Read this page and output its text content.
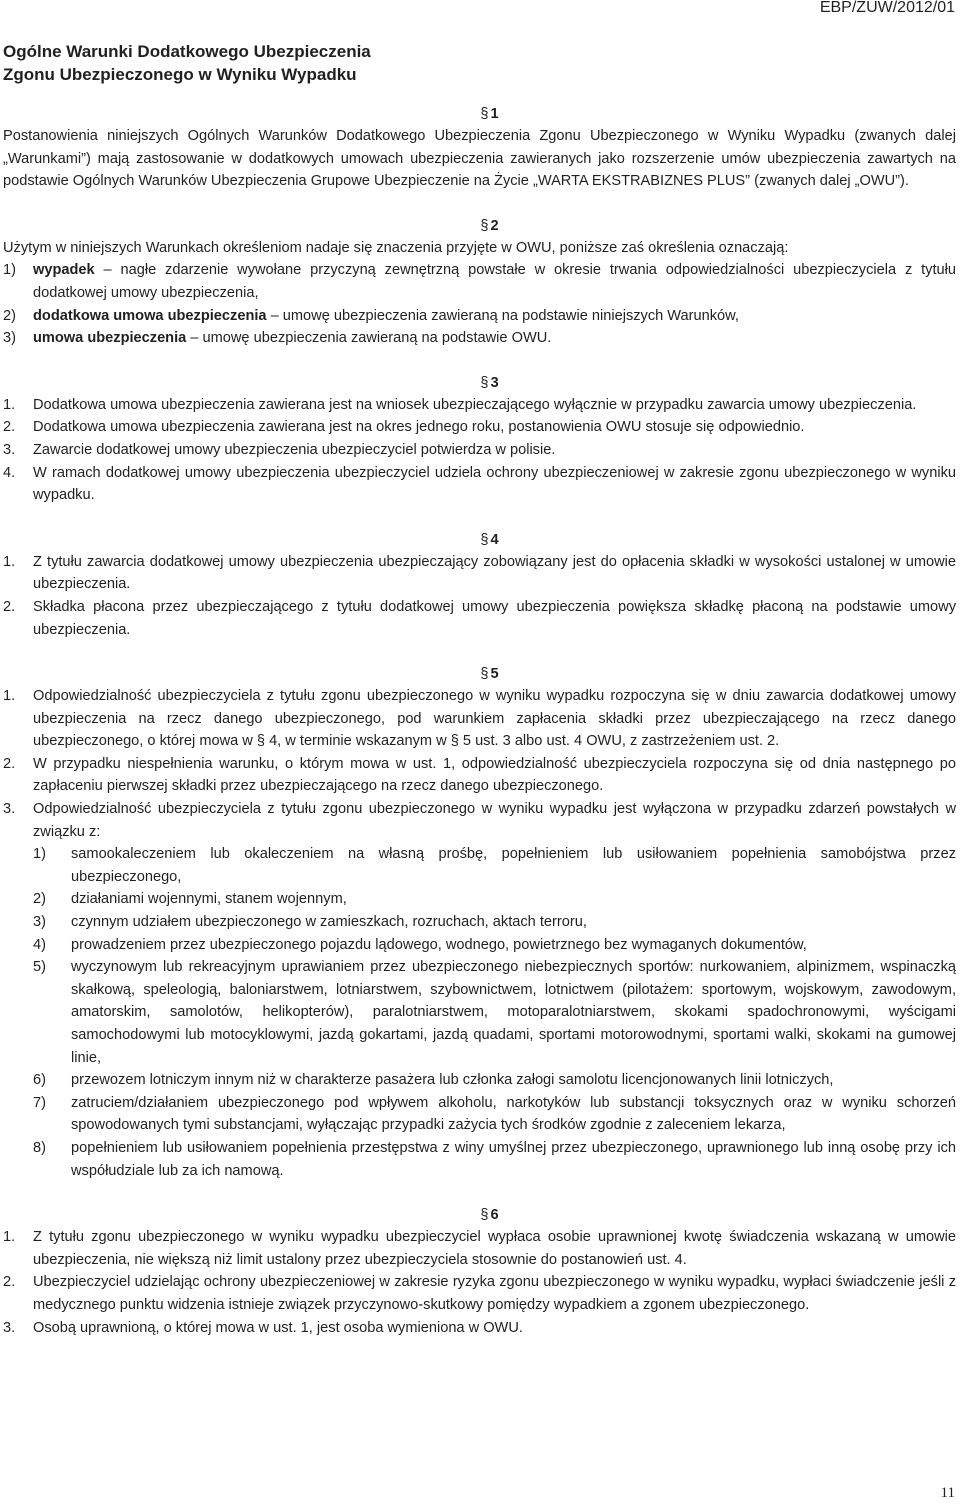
EBP/ZUW/2012/01
Ogólne Warunki Dodatkowego Ubezpieczenia
Zgonu Ubezpieczonego w Wyniku Wypadku
§ 1

Postanowienia niniejszych Ogólnych Warunków Dodatkowego Ubezpieczenia Zgonu Ubezpieczonego w Wyniku Wypadku (zwanych dalej „Warunkami”) mają zastosowanie w dodatkowych umowach ubezpieczenia zawieranych jako rozszerzenie umów ubezpieczenia zawartych na podstawie Ogólnych Warunków Ubezpieczenia Grupowe Ubezpieczenie na Życie „WARTA EKSTRABIZNES PLUS” (zwanych dalej „OWU”).

§ 2

Użytym w niniejszych Warunkach określeniom nadaje się znaczenia przyjęte w OWU, poniższe zaś określenia oznaczają:

1)	wypadek – nagłe zdarzenie wywołane przyczyną zewnętrzną powstałe w okresie trwania odpowiedzialności ubezpieczyciela z tytułu dodatkowej umowy ubezpieczenia,
2)	dodatkowa umowa ubezpieczenia – umowę ubezpieczenia zawieraną na podstawie niniejszych Warunków,
3)	umowa ubezpieczenia – umowę ubezpieczenia zawieraną na podstawie OWU.
§ 3
1.	Dodatkowa umowa ubezpieczenia zawierana jest na wniosek ubezpieczającego wyłącznie w przypadku zawarcia umowy ubezpieczenia.
2.	Dodatkowa umowa ubezpieczenia zawierana jest na okres jednego roku, postanowienia OWU stosuje się odpowiednio.
3.	Zawarcie dodatkowej umowy ubezpieczenia ubezpieczyciel potwierdza w polisie.
4.	W ramach dodatkowej umowy ubezpieczenia ubezpieczyciel udziela ochrony ubezpieczeniowej w zakresie zgonu ubezpieczonego w wyniku wypadku.
§ 4
1.	Z tytułu zawarcia dodatkowej umowy ubezpieczenia ubezpieczający zobowiązany jest do opłacenia składki w wysokości ustalonej w umowie ubezpieczenia.
2.	Składka płacona przez ubezpieczającego z tytułu dodatkowej umowy ubezpieczenia powiększa składkę płaconą na podstawie umowy ubezpieczenia.
§ 5
1.	Odpowiedzialność ubezpieczyciela z tytułu zgonu ubezpieczonego w wyniku wypadku rozpoczyna się w dniu zawarcia dodatkowej umowy ubezpieczenia na rzecz danego ubezpieczonego, pod warunkiem zapłacenia składki przez ubezpieczającego na rzecz danego ubezpieczonego, o której mowa w § 4, w terminie wskazanym w § 5 ust. 3 albo ust. 4 OWU, z zastrzeżeniem ust. 2.
2.	W przypadku niespełnienia warunku, o którym mowa w ust. 1, odpowiedzialność ubezpieczyciela rozpoczyna się od dnia następnego po zapłaceniu pierwszej składki przez ubezpieczającego na rzecz danego ubezpieczonego.
3.	Odpowiedzialność ubezpieczyciela z tytułu zgonu ubezpieczonego w wyniku wypadku jest wyłączona w przypadku zdarzeń powstałych w związku z:
1)	samookaleczeniem lub okaleczeniem na własną prośbę, popełnieniem lub usiłowaniem popełnienia samobójstwa przez ubezpieczonego,
2)	działaniami wojennymi, stanem wojennym,
3)	czynnym udziałem ubezpieczonego w zamieszkach, rozruchach, aktach terroru,
4)	prowadzeniem przez ubezpieczonego pojazdu lądowego, wodnego, powietrznego bez wymaganych dokumentów,
5)	wyczynowym lub rekreacyjnym uprawianiem przez ubezpieczonego niebezpiecznych sportów: nurkowaniem, alpinizmem, wspinaczką skałkową, speleologią, baloniarstwem, lotniarstwem, szybownictwem, lotnictwem (pilotażem: sportowym, wojskowym, zawodowym, amatorskim, samolotów, helikopterów), paralotniarstwem, motoparalotniarstwem, skokami spadochronowymi, wyścigami samochodowymi lub motocyklowymi, jazdą gokartami, jazdą quadami, sportami motorowodnymi, sportami walki, skokami na gumowej linie,
6)	przewozem lotniczym innym niż w charakterze pasażera lub członka załogi samolotu licencjonowanych linii lotniczych,
7)	zatruciem/działaniem ubezpieczonego pod wpływem alkoholu, narkotyków lub substancji toksycznych oraz w wyniku schorzeń spowodowanych tymi substancjami, wyłączając przypadki zażycia tych środków zgodnie z zaleceniem lekarza,
8)	popełnieniem lub usiłowaniem popełnienia przestępstwa z winy umyślnej przez ubezpieczonego, uprawnionego lub inną osobę przy ich współudziale lub za ich namową.
§ 6
1.	Z tytułu zgonu ubezpieczonego w wyniku wypadku ubezpieczyciel wypłaca osobie uprawnionej kwotę świadczenia wskazaną w umowie ubezpieczenia, nie większą niż limit ustalony przez ubezpieczyciela stosownie do postanowień ust. 4.
2.	Ubezpieczyciel udzielając ochrony ubezpieczeniowej w zakresie ryzyka zgonu ubezpieczonego w wyniku wypadku, wypłaci świadczenie jeśli z medycznego punktu widzenia istnieje związek przyczynowo-skutkowy pomiędzy wypadkiem a zgonem ubezpieczonego.
3.	Osobą uprawnioną, o której mowa w ust. 1, jest osoba wymieniona w OWU.
11
